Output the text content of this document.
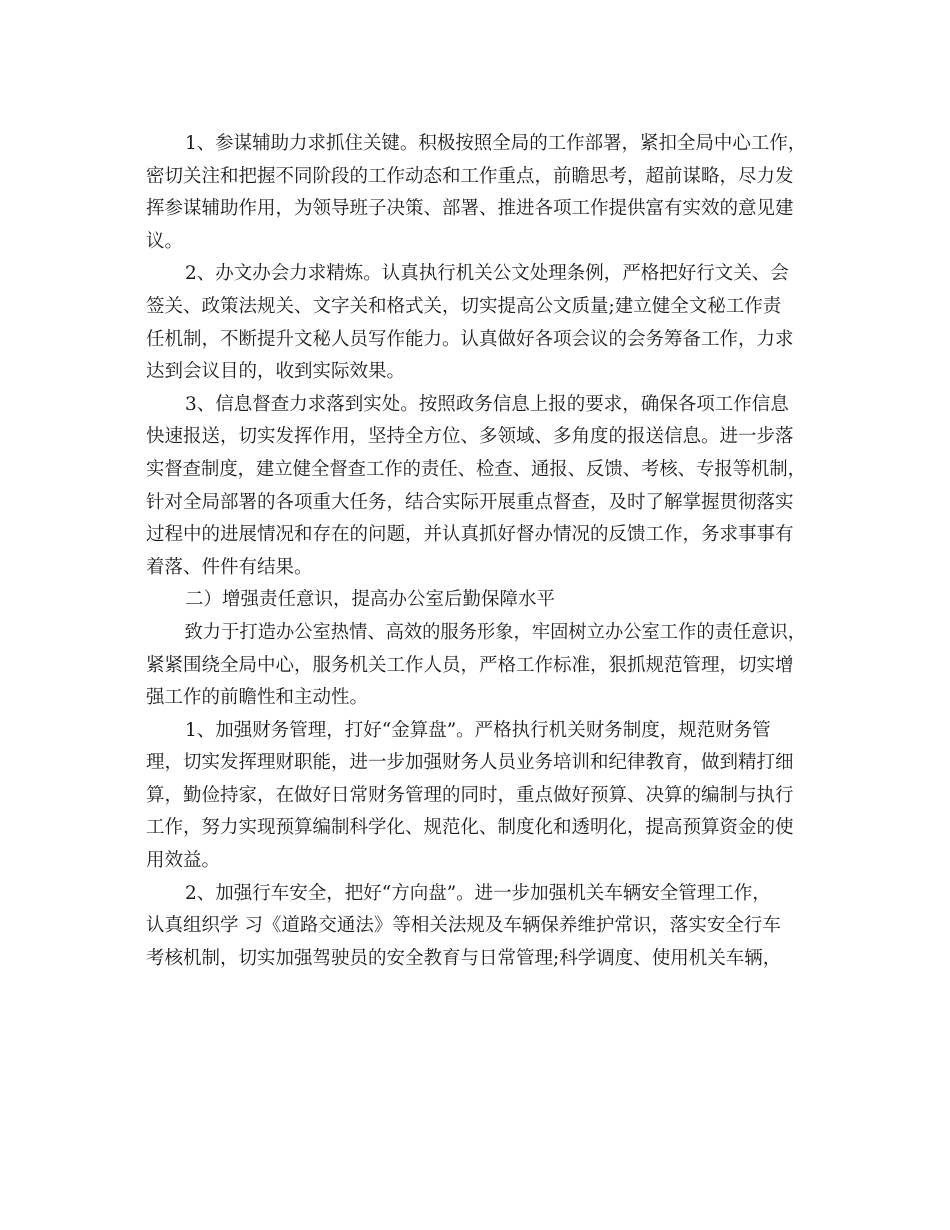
1、参谋辅助力求抓住关键。积极按照全局的工作部署，紧扣全局中心工作，
密切关注和把握不同阶段的工作动态和工作重点，前瞻思考，超前谋略，尽力发
挥参谋辅助作用，为领导班子决策、部署、推进各项工作提供富有实效的意见建
议。
2、办文办会力求精炼。认真执行机关公文处理条例，严格把好行文关、会
签关、政策法规关、文字关和格式关，切实提高公文质量;建立健全文秘工作责
任机制，不断提升文秘人员写作能力。认真做好各项会议的会务筹备工作，力求
达到会议目的，收到实际效果。
3、信息督查力求落到实处。按照政务信息上报的要求，确保各项工作信息
快速报送，切实发挥作用，坚持全方位、多领域、多角度的报送信息。进一步落
实督查制度，建立健全督查工作的责任、检查、通报、反馈、考核、专报等机制，
针对全局部署的各项重大任务，结合实际开展重点督查，及时了解掌握贯彻落实
过程中的进展情况和存在的问题，并认真抓好督办情况的反馈工作，务求事事有
着落、件件有结果。
二）增强责任意识，提高办公室后勤保障水平
致力于打造办公室热情、高效的服务形象，牢固树立办公室工作的责任意识，
紧紧围绕全局中心，服务机关工作人员，严格工作标准，狠抓规范管理，切实增
强工作的前瞻性和主动性。
1、加强财务管理，打好“金算盘”。严格执行机关财务制度，规范财务管
理，切实发挥理财职能，进一步加强财务人员业务培训和纪律教育，做到精打细
算，勤俭持家，在做好日常财务管理的同时，重点做好预算、决算的编制与执行
工作，努力实现预算编制科学化、规范化、制度化和透明化，提高预算资金的使
用效益。
2、加强行车安全，把好“方向盘”。进一步加强机关车辆安全管理工作，
认真组织学 习《道路交通法》等相关法规及车辆保养维护常识，落实安全行车
考核机制，切实加强驾驶员的安全教育与日常管理;科学调度、使用机关车辆，
